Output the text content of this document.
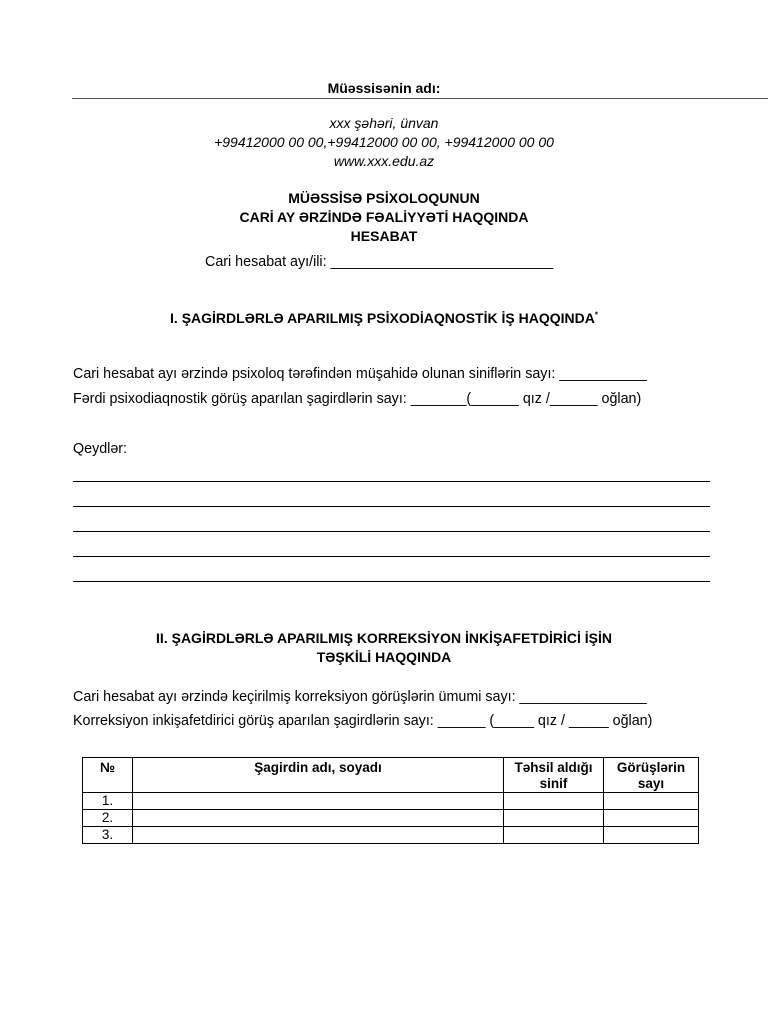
Müəssisənin adı:
xxx şəhəri, ünvan
+99412000 00 00,+99412000 00 00, +99412000 00 00
www.xxx.edu.az
MÜƏSSİSƏ PSİXOLOQUNUN
CARİ AY ƏRZİNDƏ FƏALİYYƏTİ HAQQINDA
HESABAT
Cari hesabat ayı/ili: ____________________________
I. ŞAGİRDLƏRLƏ APARILMIŞ PSİXODİAQNOSTİK İŞ HAQQINDA*
Cari hesabat ayı ərzində psixoloq tərəfindən müşahidə olunan siniflərin sayı: ___________
Fərdi psixodiaqnostik görüş aparılan şagirdlərin sayı: _______(______ qız /______ oğlan)
Qeydlər:
II. ŞAGİRDLƏRLƏ APARILMIŞ KORREKSİYON İNKİŞAFETDİRİCİ İŞİN
TƏŞKİLİ HAQQINDA
Cari hesabat ayı ərzində keçirilmiş korreksiyon görüşlərin ümumi sayı: ________________
Korreksiyon inkişafetdirici görüş aparılan şagirdlərin sayı: ______ (_____ qız / _____ oğlan)
№	Şagirdin adı, soyadı	Təhsil aldığı sinif	Görüşlərin sayı
1.			
2.			
3.			
